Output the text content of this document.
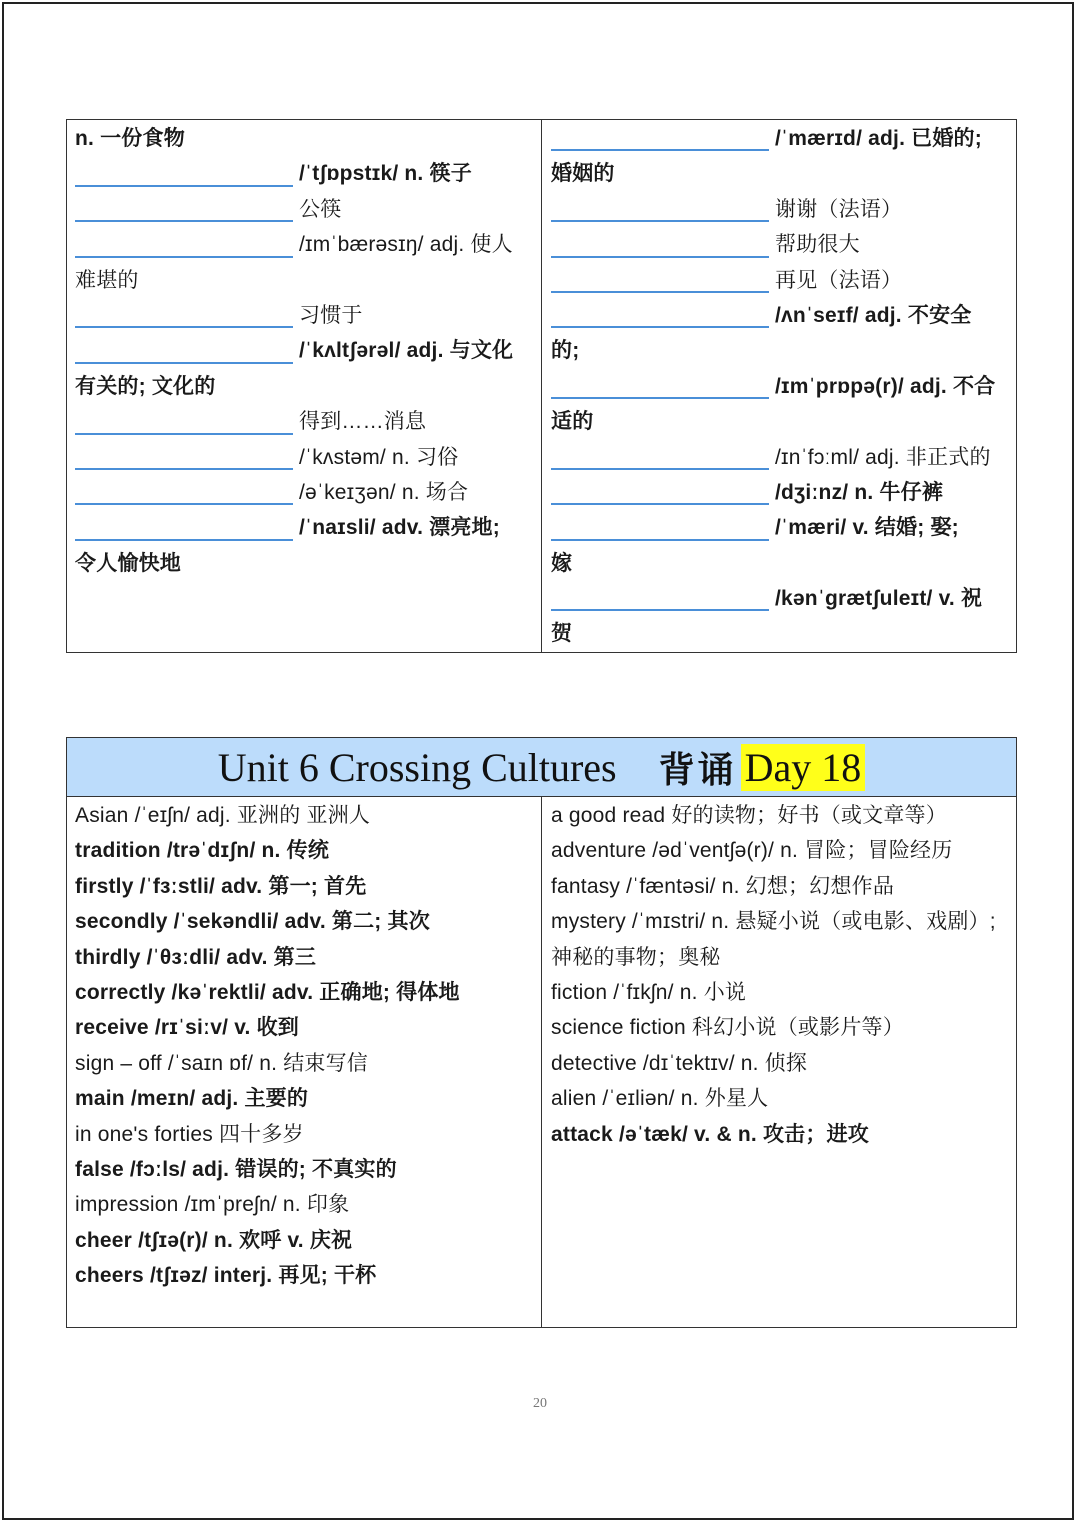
n. 一份食物
/ˈtʃɒpstɪk/ n. 筷子
公筷
/ɪmˈbærəsɪŋ/ adj. 使人
难堪的
习惯于
/ˈkʌltʃərəl/ adj. 与文化
有关的; 文化的
得到……消息
/ˈkʌstəm/ n. 习俗
/əˈkeɪʒən/ n. 场合
/ˈnaɪsli/ adv. 漂亮地;
令人愉快地
/ˈmærɪd/ adj. 已婚的;
婚姻的
谢谢（法语）
帮助很大
再见（法语）
/ʌnˈseɪf/ adj. 不安全
的;
/ɪmˈprɒpə(r)/ adj. 不合
适的
/ɪnˈfɔːml/ adj. 非正式的
/dʒiːnz/ n. 牛仔裤
/ˈmæri/ v. 结婚; 娶;
嫁
/kənˈgrætʃuleɪt/ v. 祝
贺
Unit 6 Crossing Cultures 背诵 Day 18
Asian /ˈeɪʃn/ adj. 亚洲的 亚洲人
tradition /trəˈdɪʃn/ n. 传统
firstly /ˈfɜːstli/ adv. 第一; 首先
secondly /ˈsekəndli/ adv. 第二; 其次
thirdly /ˈθɜːdli/ adv. 第三
correctly /kəˈrektli/ adv. 正确地; 得体地
receive /rɪˈsiːv/ v. 收到
sign – off /ˈsaɪn ɒf/ n. 结束写信
main /meɪn/ adj. 主要的
in one's forties 四十多岁
false /fɔːls/ adj. 错误的; 不真实的
impression /ɪmˈpreʃn/ n. 印象
cheer /tʃɪə(r)/ n. 欢呼 v. 庆祝
cheers /tʃɪəz/ interj. 再见; 干杯
a good read 好的读物；好书（或文章等）
adventure /ədˈventʃə(r)/ n. 冒险；冒险经历
fantasy /ˈfæntəsi/ n. 幻想；幻想作品
mystery /ˈmɪstri/ n. 悬疑小说（或电影、戏剧）;
神秘的事物；奥秘
fiction /ˈfɪkʃn/ n. 小说
science fiction 科幻小说（或影片等）
detective /dɪˈtektɪv/ n. 侦探
alien /ˈeɪliən/ n. 外星人
attack /əˈtæk/ v. & n. 攻击；进攻
20
